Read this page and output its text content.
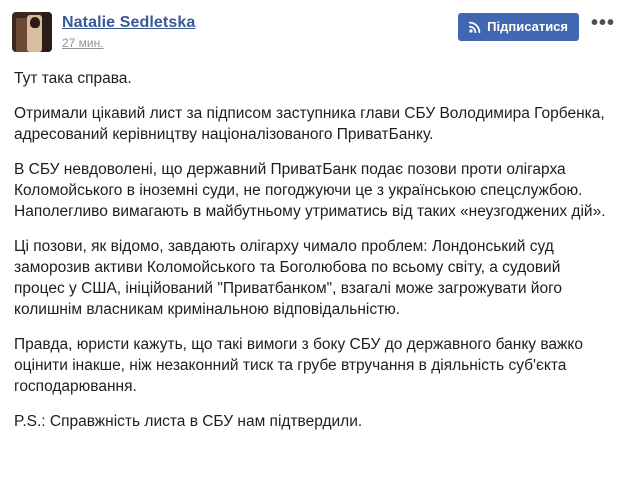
Natalie Sedletska
27 мин.
Підписатися •••

Тут така справа.

Отримали цікавий лист за підписом заступника глави СБУ Володимира Горбенка, адресований керівництву націоналізованого ПриватБанку.

В СБУ невдоволені, що державний ПриватБанк подає позови проти олігарха Коломойського в іноземні суди, не погоджуючи це з українською спецслужбою. Наполегливо вимагають в майбутньому утриматись від таких «неузгоджених дій».

Ці позови, як відомо, завдають олігарху чимало проблем: Лондонський суд заморозив активи Коломойського та Боголюбова по всьому світу, а судовий процес у США, ініційований "Приватбанком", взагалі може загрожувати його колишнім власникам кримінальною відповідальністю.

Правда, юристи кажуть, що такі вимоги з боку СБУ до державного банку важко оцінити інакше, ніж незаконний тиск та грубе втручання в діяльність суб'єкта господарювання.

P.S.: Справжність листа в СБУ нам підтвердили.
